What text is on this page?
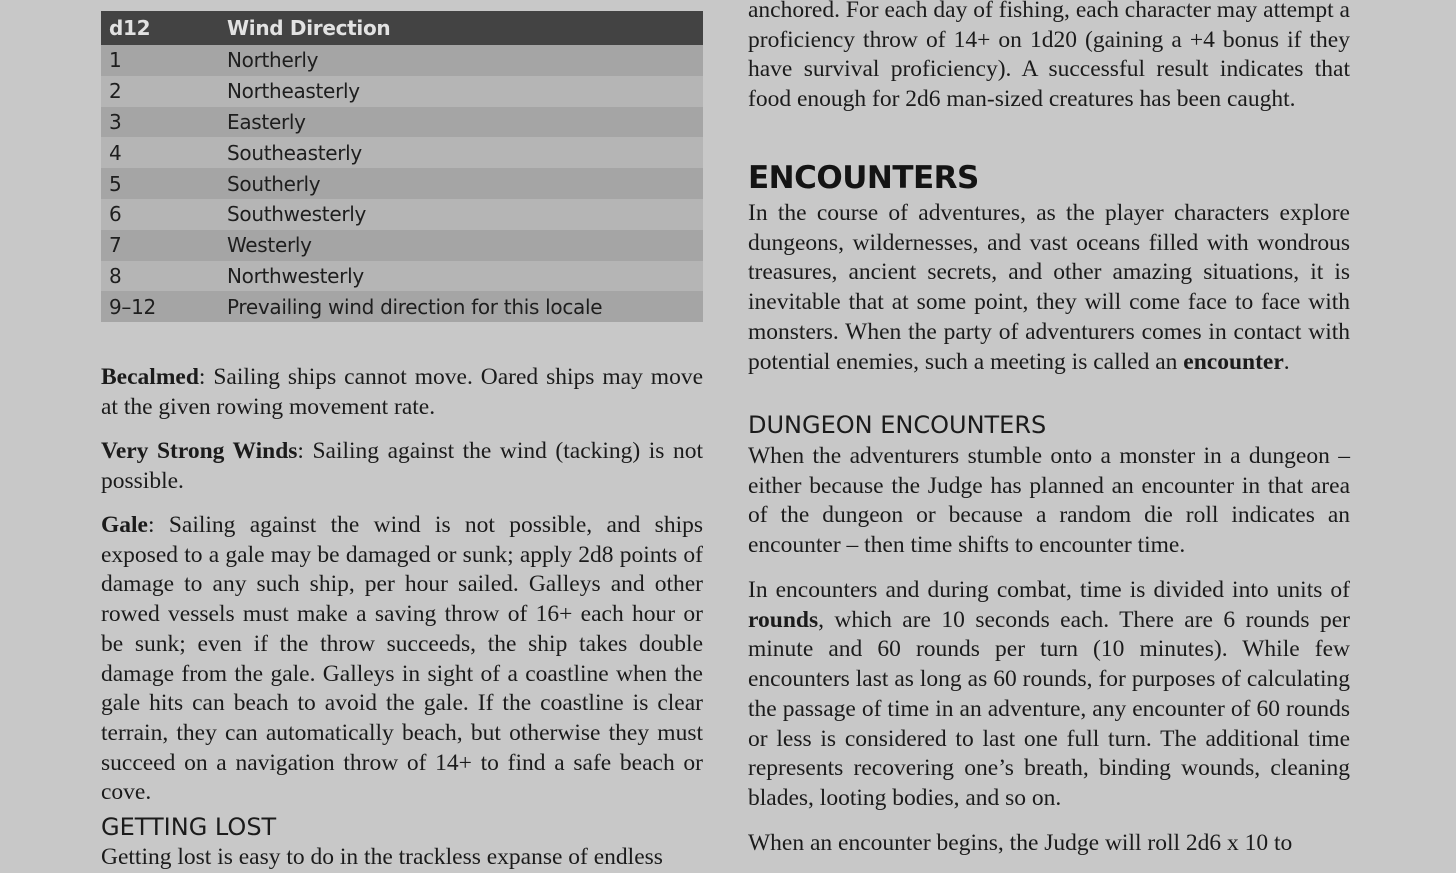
d12	Wind Direction
1	Northerly
2	Northeasterly
3	Easterly
4	Southeasterly
5	Southerly
6	Southwesterly
7	Westerly
8	Northwesterly
9–12	Prevailing wind direction for this locale

Becalmed: Sailing ships cannot move. Oared ships may move at the given rowing movement rate.

Very Strong Winds: Sailing against the wind (tacking) is not possible.

Gale: Sailing against the wind is not possible, and ships exposed to a gale may be damaged or sunk; apply 2d8 points of damage to any such ship, per hour sailed. Galleys and other rowed vessels must make a saving throw of 16+ each hour or be sunk; even if the throw succeeds, the ship takes double damage from the gale. Galleys in sight of a coastline when the gale hits can beach to avoid the gale. If the coastline is clear terrain, they can automatically beach, but otherwise they must succeed on a navigation throw of 14+ to find a safe beach or cove.

GETTING LOST

Getting lost is easy to do in the trackless expanse of endless

anchored. For each day of fishing, each character may attempt a proficiency throw of 14+ on 1d20 (gaining a +4 bonus if they have survival proficiency). A successful result indicates that food enough for 2d6 man-sized creatures has been caught.

ENCOUNTERS

In the course of adventures, as the player characters explore dungeons, wildernesses, and vast oceans filled with wondrous treasures, ancient secrets, and other amazing situations, it is inevitable that at some point, they will come face to face with monsters. When the party of adventurers comes in contact with potential enemies, such a meeting is called an encounter.

DUNGEON ENCOUNTERS

When the adventurers stumble onto a monster in a dungeon – either because the Judge has planned an encounter in that area of the dungeon or because a random die roll indicates an encounter – then time shifts to encounter time.

In encounters and during combat, time is divided into units of rounds, which are 10 seconds each. There are 6 rounds per minute and 60 rounds per turn (10 minutes). While few encounters last as long as 60 rounds, for purposes of calculating the passage of time in an adventure, any encounter of 60 rounds or less is considered to last one full turn. The additional time represents recovering one’s breath, binding wounds, cleaning blades, looting bodies, and so on.

When an encounter begins, the Judge will roll 2d6 x 10 to
